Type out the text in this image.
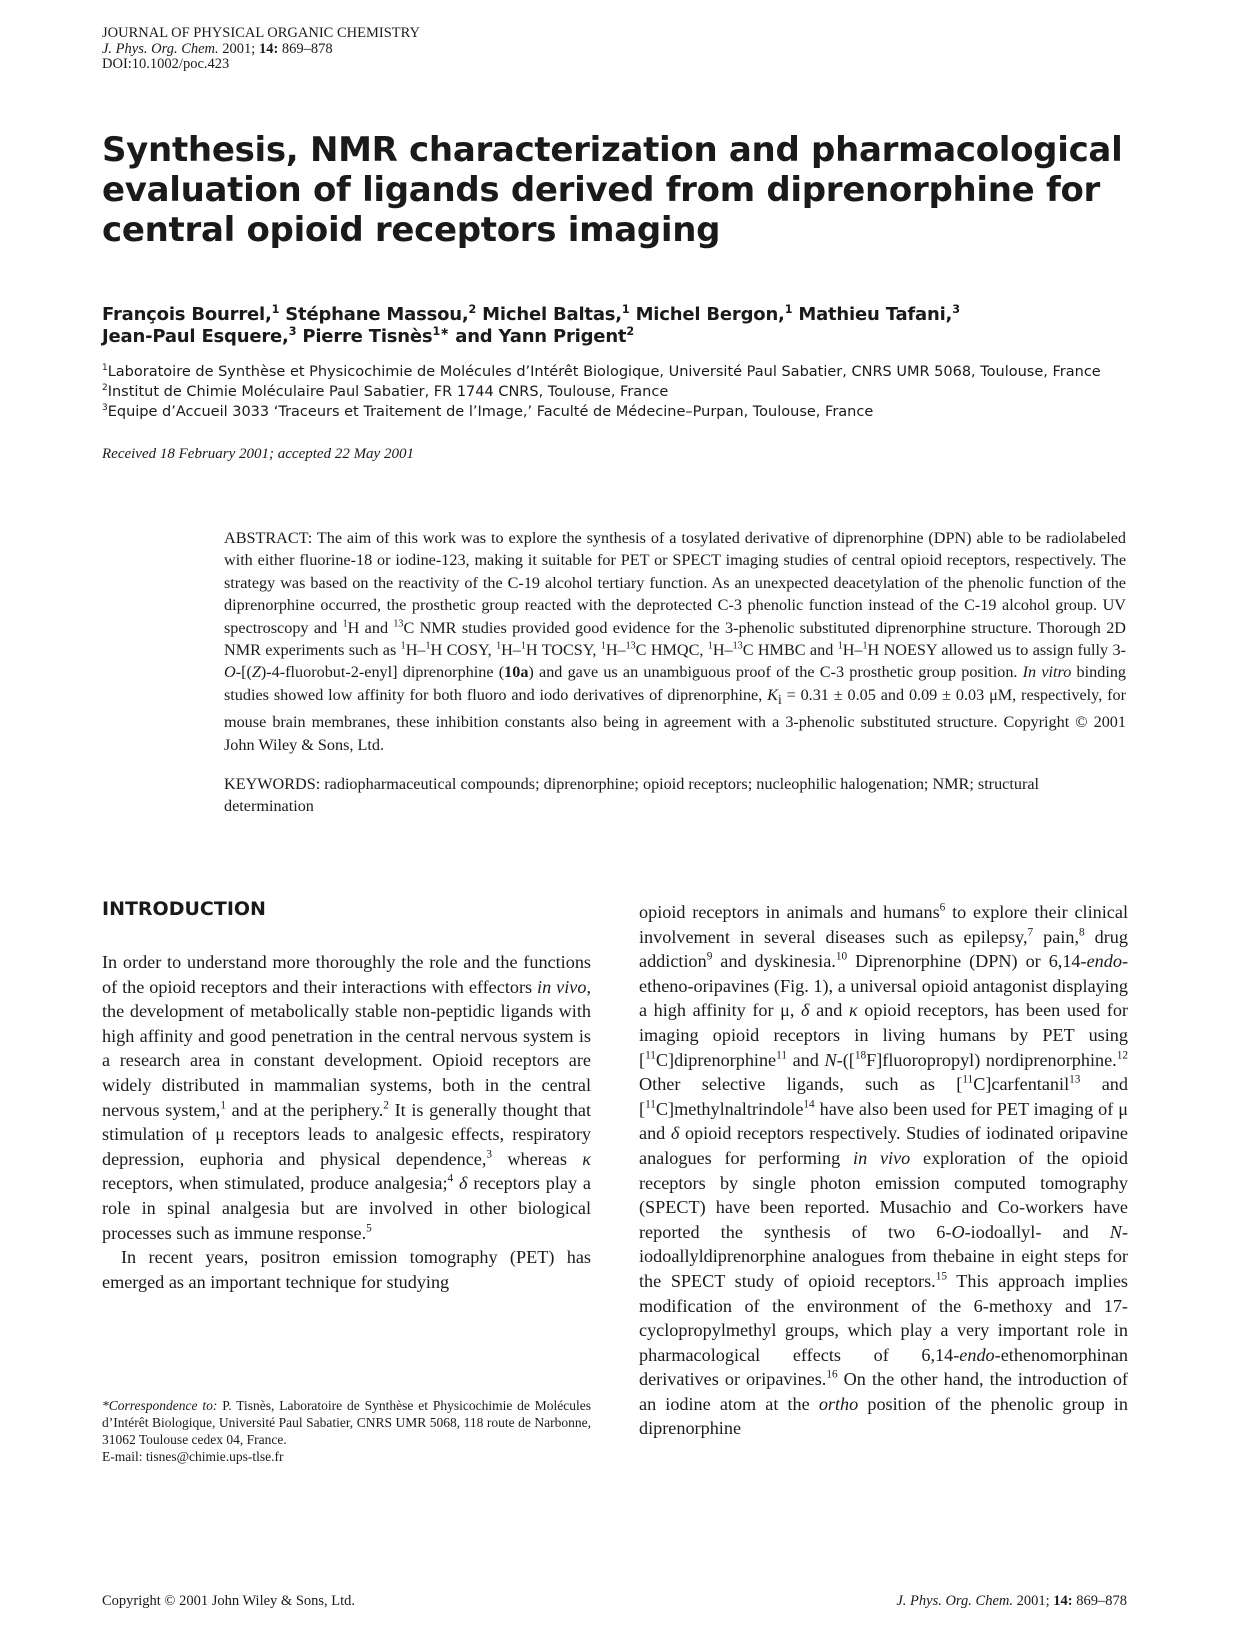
JOURNAL OF PHYSICAL ORGANIC CHEMISTRY
J. Phys. Org. Chem. 2001; 14: 869–878
DOI:10.1002/poc.423
Synthesis, NMR characterization and pharmacological evaluation of ligands derived from diprenorphine for central opioid receptors imaging
François Bourrel,$^1$ Stéphane Massou,$^2$ Michel Baltas,$^1$ Michel Bergon,$^1$ Mathieu Tafani,$^3$
Jean-Paul Esquere,$^3$ Pierre Tisnès$^{1∗}$ and Yann Prigent$^2$
$^1$Laboratoire de Synthèse et Physicochimie de Molécules d’Intérêt Biologique, Université Paul Sabatier, CNRS UMR 5068, Toulouse, France
$^2$Institut de Chimie Moléculaire Paul Sabatier, FR 1744 CNRS, Toulouse, France
$^3$Equipe d’Accueil 3033 ‘Traceurs et Traitement de l’Image,’ Faculté de Médecine–Purpan, Toulouse, France
Received 18 February 2001; accepted 22 May 2001
ABSTRACT: The aim of this work was to explore the synthesis of a tosylated derivative of diprenorphine (DPN) able to be radiolabeled with either fluorine-18 or iodine-123, making it suitable for PET or SPECT imaging studies of central opioid receptors, respectively. The strategy was based on the reactivity of the C-19 alcohol tertiary function. As an unexpected deacetylation of the phenolic function of the diprenorphine occurred, the prosthetic group reacted with the deprotected C-3 phenolic function instead of the C-19 alcohol group. UV spectroscopy and $^1$H and $^{13}$C NMR studies provided good evidence for the 3-phenolic substituted diprenorphine structure. Thorough 2D NMR experiments such as $^1$H–$^1$H COSY, $^1$H–$^1$H TOCSY, $^1$H–$^{13}$C HMQC, $^1$H–$^{13}$C HMBC and $^1$H–$^1$H NOESY allowed us to assign fully 3-O-[(Z)-4-fluorobut-2-enyl] diprenorphine (10a) and gave us an unambiguous proof of the C-3 prosthetic group position. In vitro binding studies showed low affinity for both fluoro and iodo derivatives of diprenorphine, $K_i = 0.31 \pm 0.05$ and 0.09 ± 0.03 μM, respectively, for mouse brain membranes, these inhibition constants also being in agreement with a 3-phenolic substituted structure. Copyright © 2001 John Wiley & Sons, Ltd.
KEYWORDS: radiopharmaceutical compounds; diprenorphine; opioid receptors; nucleophilic halogenation; NMR; structural determination
INTRODUCTION

In order to understand more thoroughly the role and the functions of the opioid receptors and their interactions with effectors in vivo, the development of metabolically stable non-peptidic ligands with high affinity and good penetration in the central nervous system is a research area in constant development. Opioid receptors are widely distributed in mammalian systems, both in the central nervous system,$^1$ and at the periphery.$^2$ It is generally thought that stimulation of μ receptors leads to analgesic effects, respiratory depression, euphoria and physical dependence,$^3$ whereas κ receptors, when stimulated, produce analgesia;$^4$ δ receptors play a role in spinal analgesia but are involved in other biological processes such as immune response.$^5$

In recent years, positron emission tomography (PET) has emerged as an important technique for studying

opioid receptors in animals and humans$^6$ to explore their clinical involvement in several diseases such as epilepsy,$^7$ pain,$^8$ drug addiction$^9$ and dyskinesia.$^{10}$ Diprenorphine (DPN) or 6,14-endo-etheno-oripavines (Fig. 1), a universal opioid antagonist displaying a high affinity for μ, δ and κ opioid receptors, has been used for imaging opioid receptors in living humans by PET using [$^{11}$C]diprenorphine$^{11}$ and N-([$^{18}$F]fluoropropyl) nordiprenorphine.$^{12}$ Other selective ligands, such as [$^{11}$C]carfentanil$^{13}$ and [$^{11}$C]methylnaltrindole$^{14}$ have also been used for PET imaging of μ and δ opioid receptors respectively. Studies of iodinated oripavine analogues for performing in vivo exploration of the opioid receptors by single photon emission computed tomography (SPECT) have been reported. Musachio and Co-workers have reported the synthesis of two 6-O-iodoallyl- and N-iodoallyldiprenorphine analogues from thebaine in eight steps for the SPECT study of opioid receptors.$^{15}$ This approach implies modification of the environment of the 6-methoxy and 17-cyclopropylmethyl groups, which play a very important role in pharmacological effects of 6,14-endo-ethenomorphinan derivatives or oripavines.$^{16}$ On the other hand, the introduction of an iodine atom at the ortho position of the phenolic group in diprenorphine

*Correspondence to: P. Tisnès, Laboratoire de Synthèse et Physicochimie de Molécules d’Intérêt Biologique, Université Paul Sabatier, CNRS UMR 5068, 118 route de Narbonne, 31062 Toulouse cedex 04, France.
E-mail: tisnes@chimie.ups-tlse.fr
Copyright © 2001 John Wiley & Sons, Ltd.	J. Phys. Org. Chem. 2001; 14: 869–878
